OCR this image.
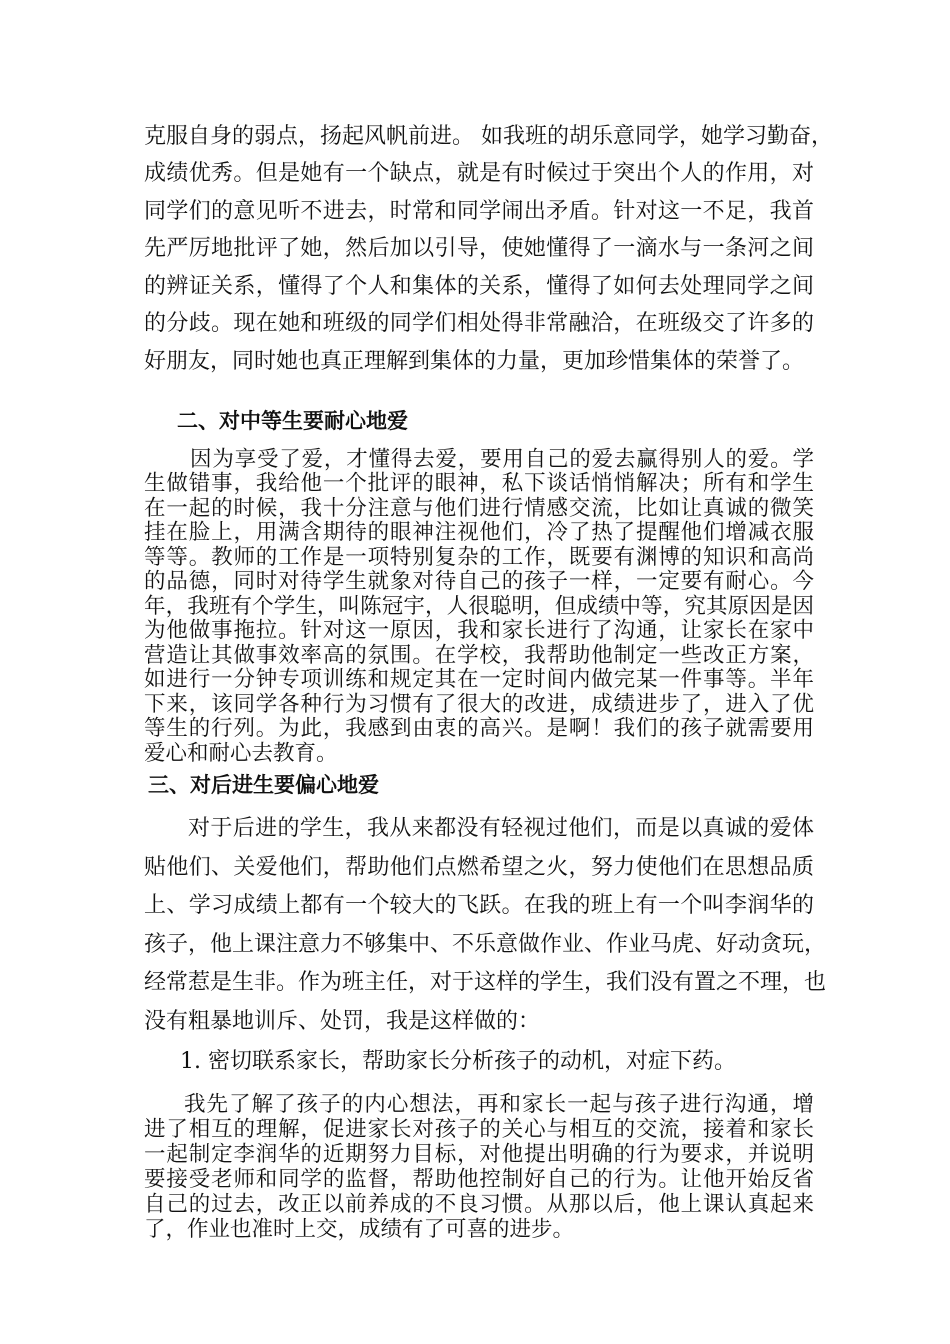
克服自身的弱点，扬起风帆前进。 如我班的胡乐意同学，她学习勤奋，
成绩优秀。但是她有一个缺点，就是有时候过于突出个人的作用，对
同学们的意见听不进去，时常和同学闹出矛盾。针对这一不足，我首
先严厉地批评了她，然后加以引导，使她懂得了一滴水与一条河之间
的辨证关系，懂得了个人和集体的关系，懂得了如何去处理同学之间
的分歧。现在她和班级的同学们相处得非常融洽，在班级交了许多的
好朋友，同时她也真正理解到集体的力量，更加珍惜集体的荣誉了。
二、对中等生要耐心地爱
因为享受了爱，才懂得去爱，要用自己的爱去赢得别人的爱。学
生做错事，我给他一个批评的眼神，私下谈话悄悄解决；所有和学生
在一起的时候，我十分注意与他们进行情感交流，比如让真诚的微笑
挂在脸上，用满含期待的眼神注视他们，冷了热了提醒他们增减衣服
等等。教师的工作是一项特别复杂的工作，既要有渊博的知识和高尚
的品德，同时对待学生就象对待自己的孩子一样，一定要有耐心。今
年，我班有个学生，叫陈冠宇，人很聪明，但成绩中等，究其原因是因
为他做事拖拉。针对这一原因，我和家长进行了沟通，让家长在家中
营造让其做事效率高的氛围。在学校，我帮助他制定一些改正方案，
如进行一分钟专项训练和规定其在一定时间内做完某一件事等。半年
下来，该同学各种行为习惯有了很大的改进，成绩进步了，进入了优
等生的行列。为此，我感到由衷的高兴。是啊！我们的孩子就需要用
爱心和耐心去教育。
三、对后进生要偏心地爱
对于后进的学生，我从来都没有轻视过他们，而是以真诚的爱体
贴他们、关爱他们，帮助他们点燃希望之火，努力使他们在思想品质
上、学习成绩上都有一个较大的飞跃。在我的班上有一个叫李润华的
孩子，他上课注意力不够集中、不乐意做作业、作业马虎、好动贪玩，
经常惹是生非。作为班主任，对于这样的学生，我们没有置之不理，也
没有粗暴地训斥、处罚，我是这样做的：
1. 密切联系家长，帮助家长分析孩子的动机，对症下药。
我先了解了孩子的内心想法，再和家长一起与孩子进行沟通，增
进了相互的理解，促进家长对孩子的关心与相互的交流，接着和家长
一起制定李润华的近期努力目标，对他提出明确的行为要求，并说明
要接受老师和同学的监督，帮助他控制好自己的行为。让他开始反省
自己的过去，改正以前养成的不良习惯。从那以后，他上课认真起来
了，作业也准时上交，成绩有了可喜的进步。
